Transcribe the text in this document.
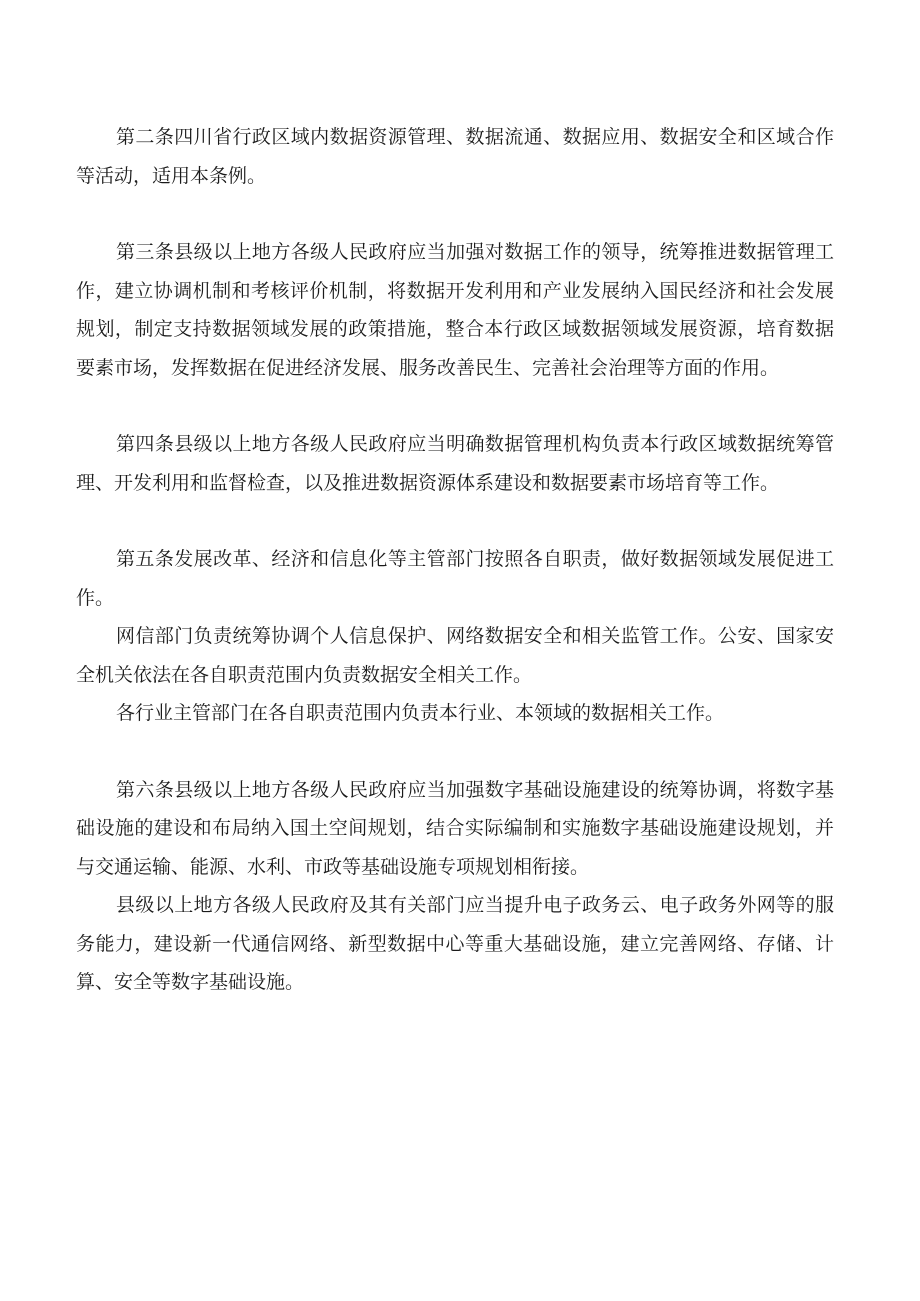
第二条四川省行政区域内数据资源管理、数据流通、数据应用、数据安全和区域合作等活动，适用本条例。

第三条县级以上地方各级人民政府应当加强对数据工作的领导，统筹推进数据管理工作，建立协调机制和考核评价机制，将数据开发利用和产业发展纳入国民经济和社会发展规划，制定支持数据领域发展的政策措施，整合本行政区域数据领域发展资源，培育数据要素市场，发挥数据在促进经济发展、服务改善民生、完善社会治理等方面的作用。

第四条县级以上地方各级人民政府应当明确数据管理机构负责本行政区域数据统筹管理、开发利用和监督检查，以及推进数据资源体系建设和数据要素市场培育等工作。

第五条发展改革、经济和信息化等主管部门按照各自职责，做好数据领域发展促进工作。

网信部门负责统筹协调个人信息保护、网络数据安全和相关监管工作。公安、国家安全机关依法在各自职责范围内负责数据安全相关工作。

各行业主管部门在各自职责范围内负责本行业、本领域的数据相关工作。

第六条县级以上地方各级人民政府应当加强数字基础设施建设的统筹协调，将数字基础设施的建设和布局纳入国土空间规划，结合实际编制和实施数字基础设施建设规划，并与交通运输、能源、水利、市政等基础设施专项规划相衔接。

县级以上地方各级人民政府及其有关部门应当提升电子政务云、电子政务外网等的服务能力，建设新一代通信网络、新型数据中心等重大基础设施，建立完善网络、存储、计算、安全等数字基础设施。
